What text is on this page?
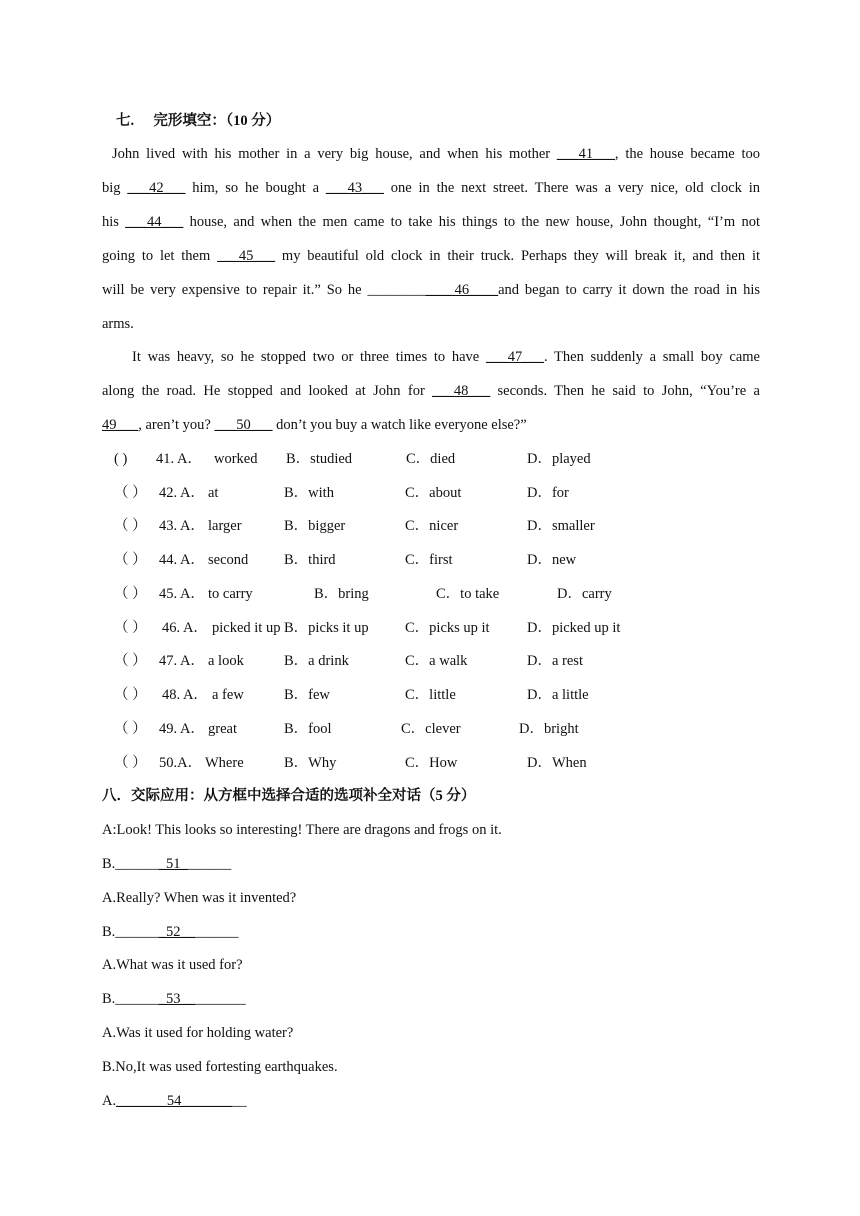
七. 完形填空：（10 分）
John lived with his mother in a very big house, and when his mother ___41___, the house became too
big ___42___ him, so he bought a ___43___ one in the next street. There was a very nice, old clock in
his ___44___ house, and when the men came to take his things to the new house, John thought, “I’m not
going to let them ___45___ my beautiful old clock in their truck. Perhaps they will break it, and then it
will be very expensive to repair it.” So he ____________46____and began to carry it down the road in his
arms.
It was heavy, so he stopped two or three times to have ___47___. Then suddenly a small boy came
along the road. He stopped and looked at John for ___48___ seconds. Then he said to John, “You’re a
49___, aren’t you? ___50___ don’t you buy a watch like everyone else?”
( ) 41. A． worked B．studied	C．died	D．played
（ ） 42. A． at	B．with	C．about	D．for
（ ） 43. A． larger	B．bigger	C．nicer	D．smaller
（ ） 44. A． second B．third	C．first	D．new
（ ） 45. A． to carry	B．bring	C．to take	D．carry
（ ） 46. A． picked it up B．picks it up	C．picks up it	D．picked up it
（ ） 47. A． a look	B．a drink	C．a walk	D．a rest
（ ） 48. A． a few	B．few	C．little	D．a little
（ ） 49. A． great	B．fool	C．clever	D．bright
（ ） 50.A． Where	B．Why	C．How	D．When
八．交际应用：从方框中选择合适的选项补全对话（5 分）
A:Look! This looks so interesting! There are dragons and frogs on it.
B._______51_______
A.Really? When was it invented?
B._______52________
A.What was it used for?
B._______53_________
A.Was it used for holding water?
B.No,It was used fortesting earthquakes.
A._______54_________
